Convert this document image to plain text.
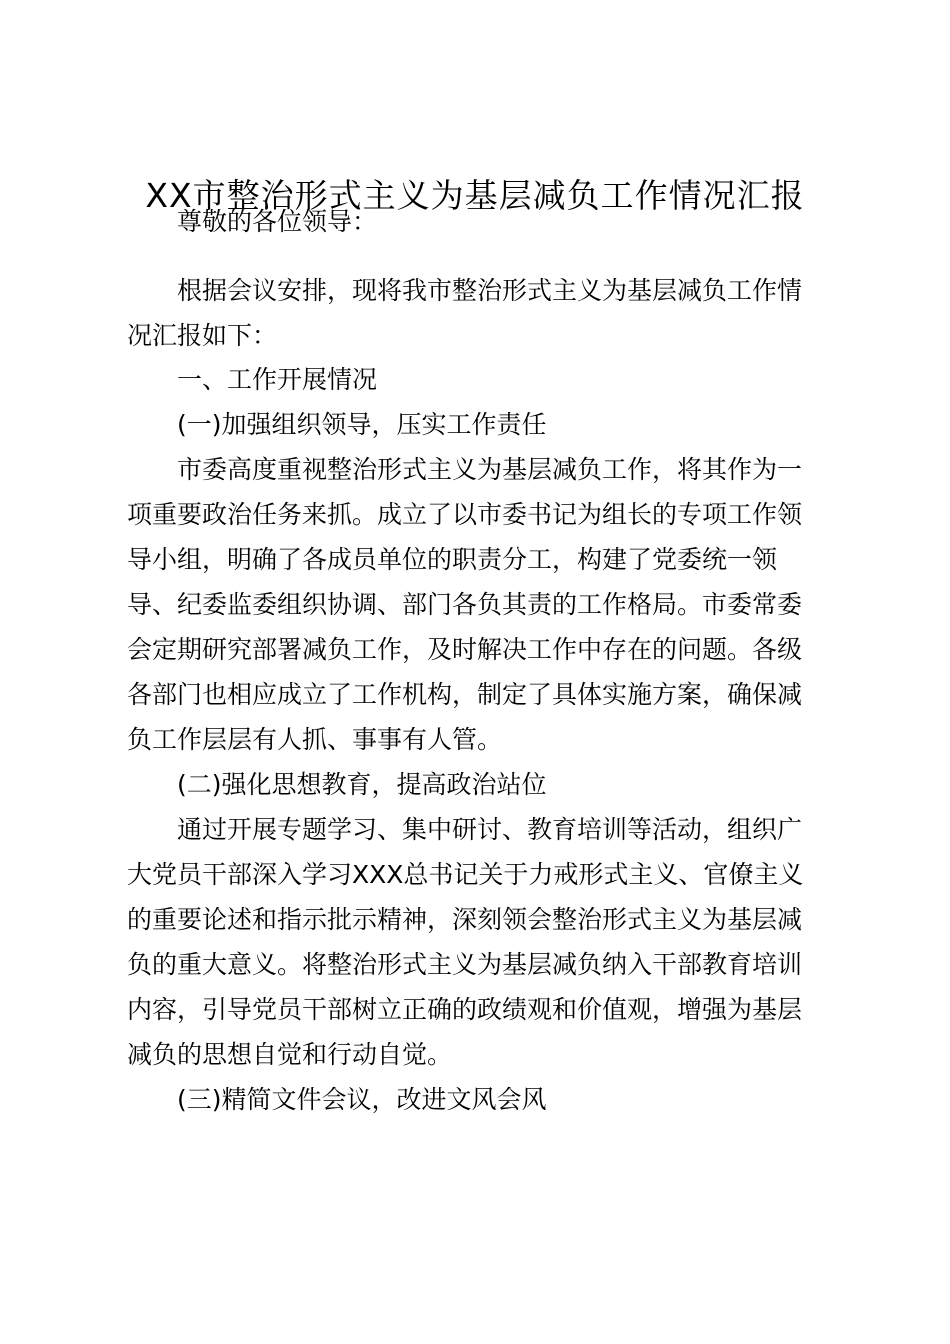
XX市整治形式主义为基层减负工作情况汇报

尊敬的各位领导：

根据会议安排，现将我市整治形式主义为基层减负工作情

况汇报如下：

一、工作开展情况

(一)加强组织领导，压实工作责任

市委高度重视整治形式主义为基层减负工作，将其作为一

项重要政治任务来抓。成立了以市委书记为组长的专项工作领

导小组，明确了各成员单位的职责分工，构建了党委统一领

导、纪委监委组织协调、部门各负其责的工作格局。市委常委

会定期研究部署减负工作，及时解决工作中存在的问题。各级

各部门也相应成立了工作机构，制定了具体实施方案，确保减

负工作层层有人抓、事事有人管。

(二)强化思想教育，提高政治站位

通过开展专题学习、集中研讨、教育培训等活动，组织广

大党员干部深入学习XXX总书记关于力戒形式主义、官僚主义

的重要论述和指示批示精神，深刻领会整治形式主义为基层减

负的重大意义。将整治形式主义为基层减负纳入干部教育培训

内容，引导党员干部树立正确的政绩观和价值观，增强为基层

减负的思想自觉和行动自觉。

(三)精简文件会议，改进文风会风
